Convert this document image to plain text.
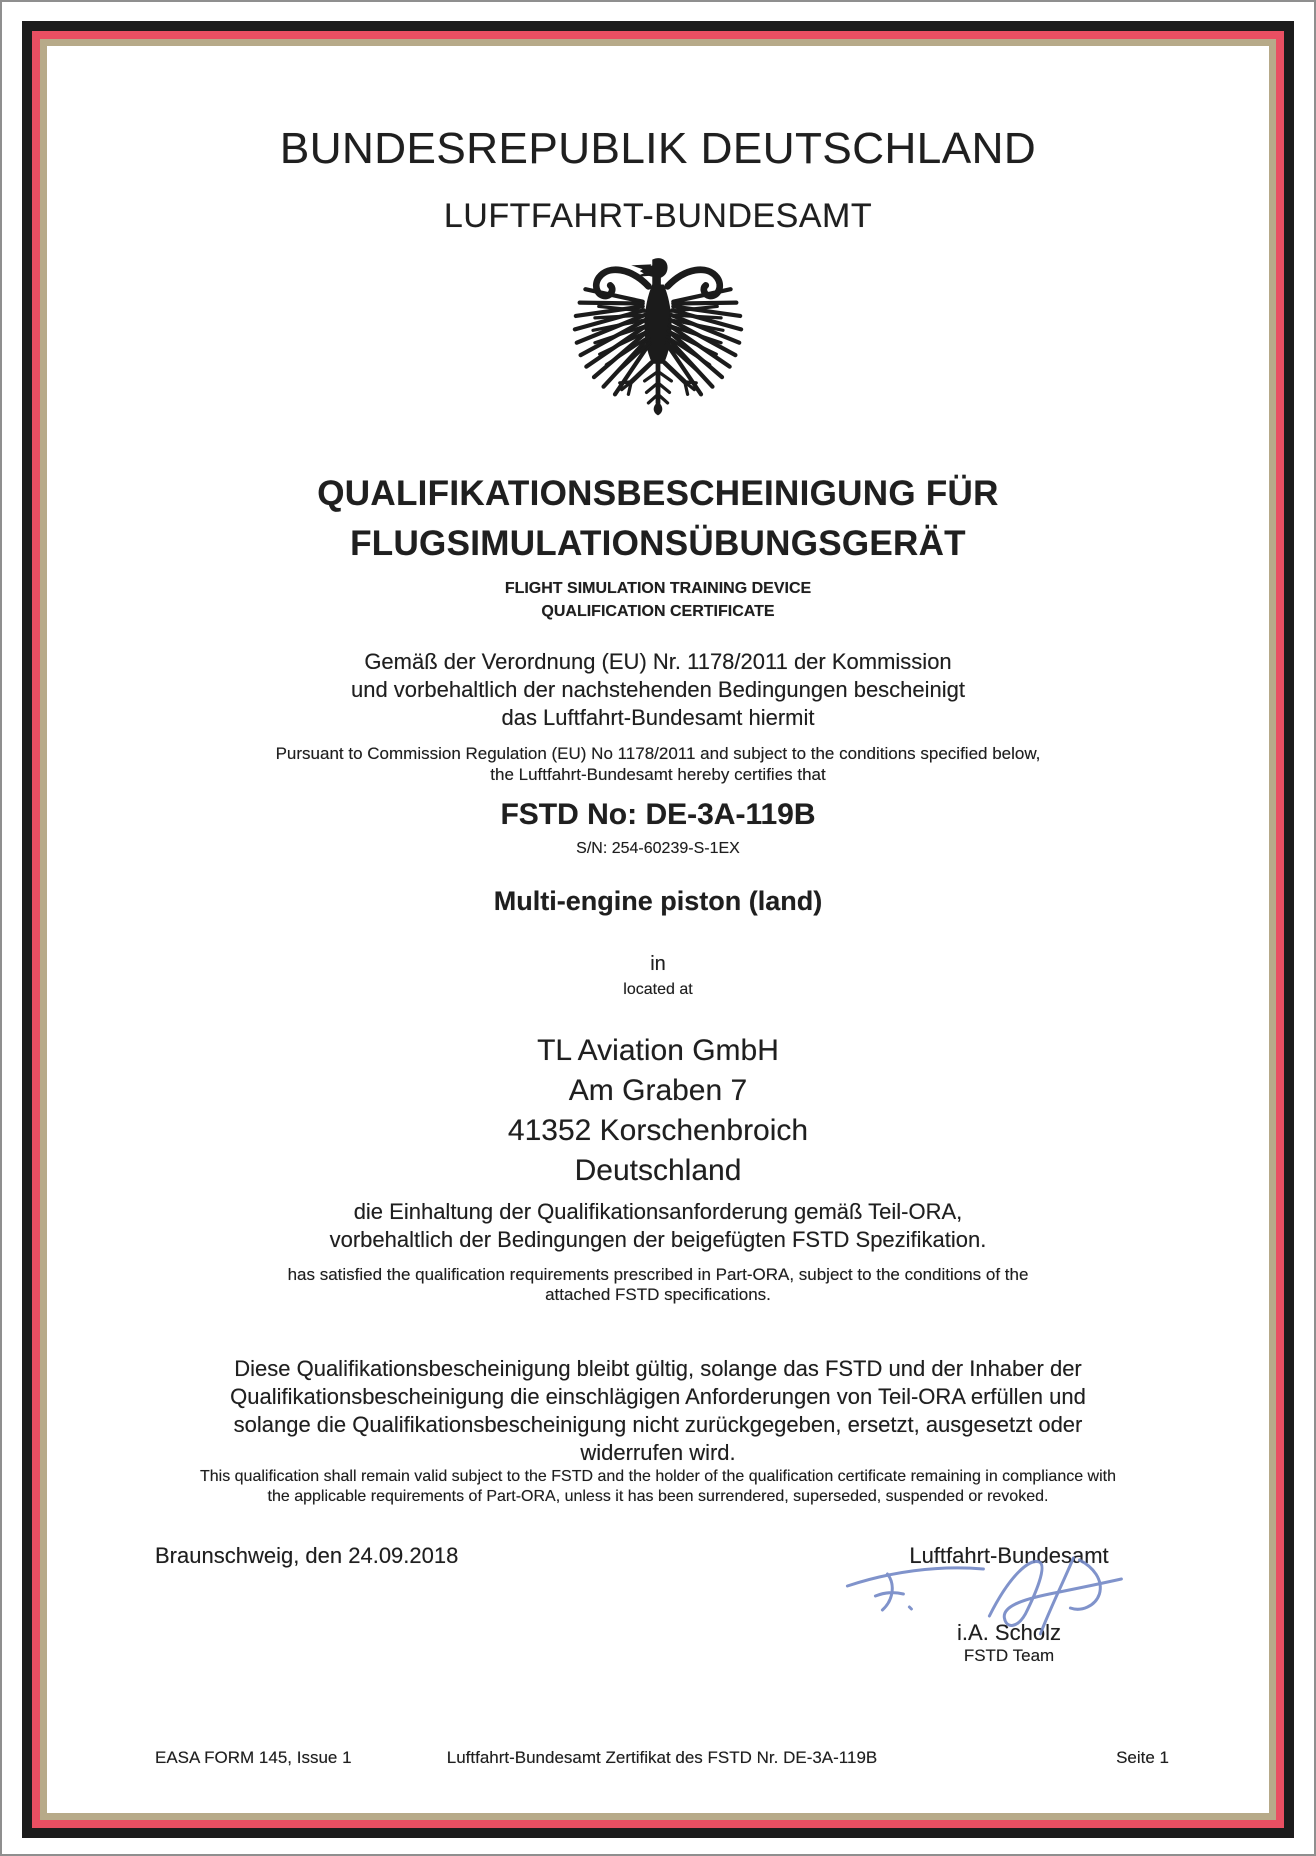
BUNDESREPUBLIK DEUTSCHLAND
LUFTFAHRT-BUNDESAMT
QUALIFIKATIONSBESCHEINIGUNG FÜR
FLUGSIMULATIONSÜBUNGSGERÄT
FLIGHT SIMULATION TRAINING DEVICE
QUALIFICATION CERTIFICATE
Gemäß der Verordnung (EU) Nr. 1178/2011 der Kommission
und vorbehaltlich der nachstehenden Bedingungen bescheinigt
das Luftfahrt-Bundesamt hiermit
Pursuant to Commission Regulation (EU) No 1178/2011 and subject to the conditions specified below,
the Luftfahrt-Bundesamt hereby certifies that
FSTD No: DE-3A-119B
S/N: 254-60239-S-1EX
Multi-engine piston (land)
in
located at
TL Aviation GmbH
Am Graben 7
41352 Korschenbroich
Deutschland
die Einhaltung der Qualifikationsanforderung gemäß Teil-ORA,
vorbehaltlich der Bedingungen der beigefügten FSTD Spezifikation.
has satisfied the qualification requirements prescribed in Part-ORA, subject to the conditions of the
attached FSTD specifications.
Diese Qualifikationsbescheinigung bleibt gültig, solange das FSTD und der Inhaber der
Qualifikationsbescheinigung die einschlägigen Anforderungen von Teil-ORA erfüllen und
solange die Qualifikationsbescheinigung nicht zurückgegeben, ersetzt, ausgesetzt oder
widerrufen wird.
This qualification shall remain valid subject to the FSTD and the holder of the qualification certificate remaining in compliance with
the applicable requirements of Part-ORA, unless it has been surrendered, superseded, suspended or revoked.
Braunschweig, den 24.09.2018	Luftfahrt-Bundesamt
i.A. Scholz
FSTD Team
EASA FORM 145, Issue 1	Luftfahrt-Bundesamt Zertifikat des FSTD Nr. DE-3A-119B	Seite 1
